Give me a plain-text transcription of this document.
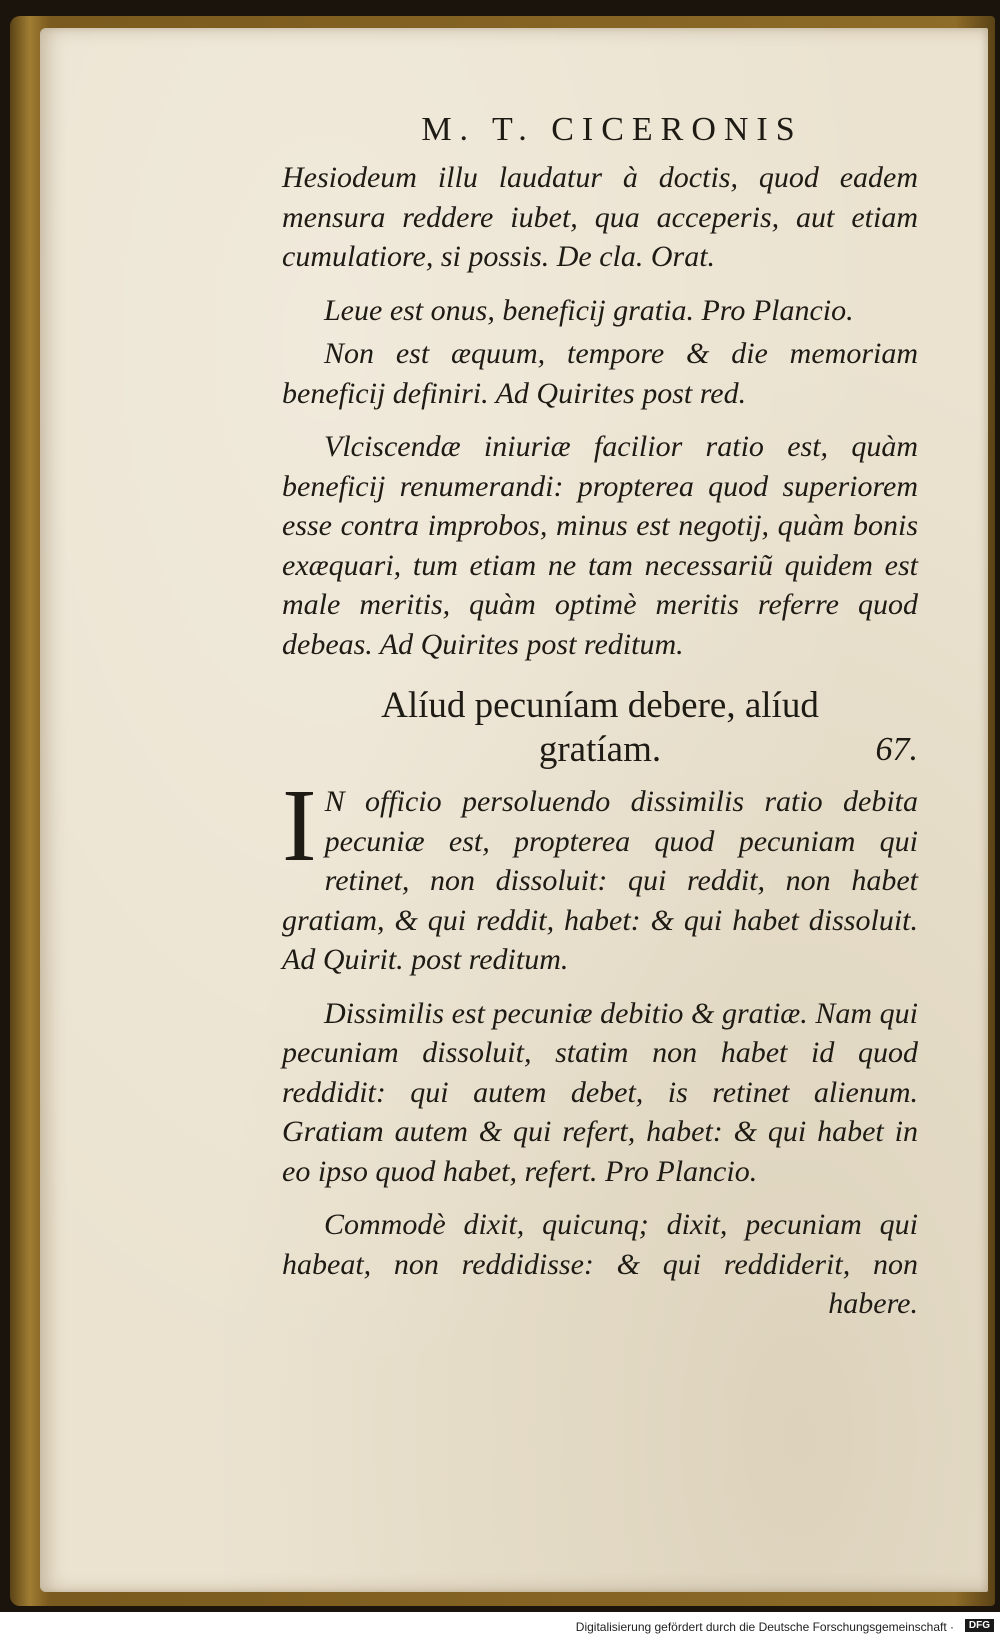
M. T. CICERONIS

Hesiodeum illu laudatur à doctis, quod eadem mensura reddere iubet, qua acceperis, aut etiam cumulatiore, si possis. De cla. Orat.

Leue est onus, beneficij gratia. Pro Plancio.

Non est æquum, tempore & die memoriam beneficij definiri. Ad Quirites post red.

Vlciscendæ iniuriæ facilior ratio est, quàm beneficij renumerandi: propterea quod superiorem esse contra improbos, minus est negotij, quàm bonis exæquari, tum etiam ne tam necessariũ quidem est male meritis, quàm optimè meritis referre quod debeas. Ad Quirites post reditum.

Alíud pecuníam debere, alíud
gratíam.	67.

I N officio persoluendo dissimilis ratio debita pecuniæ est, propterea quod pecuniam qui retinet, non dissoluit: qui reddit, non habet gratiam, & qui reddit, habet: & qui habet dissoluit. Ad Quirit. post reditum.

Dissimilis est pecuniæ debitio & gratiæ. Nam qui pecuniam dissoluit, statim non habet id quod reddidit: qui autem debet, is retinet alienum. Gratiam autem & qui refert, habet: & qui habet in eo ipso quod habet, refert. Pro Plancio.

Commodè dixit, quicunq; dixit, pecuniam qui habeat, non reddidisse: & qui reddiderit, non habere.

Digitalisierung gefördert durch die Deutsche Forschungsgemeinschaft ·	DFG
